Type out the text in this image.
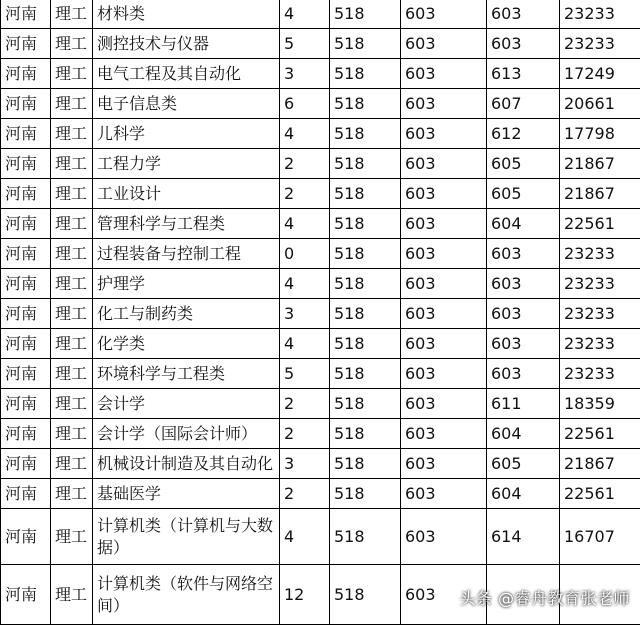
河南	理工	材料类	4	518	603	603	23233
河南	理工	测控技术与仪器	5	518	603	603	23233
河南	理工	电气工程及其自动化	3	518	603	613	17249
河南	理工	电子信息类	6	518	603	607	20661
河南	理工	儿科学	4	518	603	612	17798
河南	理工	工程力学	2	518	603	605	21867
河南	理工	工业设计	2	518	603	605	21867
河南	理工	管理科学与工程类	4	518	603	604	22561
河南	理工	过程装备与控制工程	0	518	603	603	23233
河南	理工	护理学	4	518	603	603	23233
河南	理工	化工与制药类	3	518	603	603	23233
河南	理工	化学类	4	518	603	603	23233
河南	理工	环境科学与工程类	5	518	603	603	23233
河南	理工	会计学	2	518	603	611	18359
河南	理工	会计学（国际会计师）	2	518	603	604	22561
河南	理工	机械设计制造及其自动化	3	518	603	605	21867
河南	理工	基础医学	2	518	603	604	22561
河南	理工	计算机类（计算机与大数据）	4	518	603	614	16707
河南	理工	计算机类（软件与网络空间）	12	518	603		头条 @睿舟教育张老师
